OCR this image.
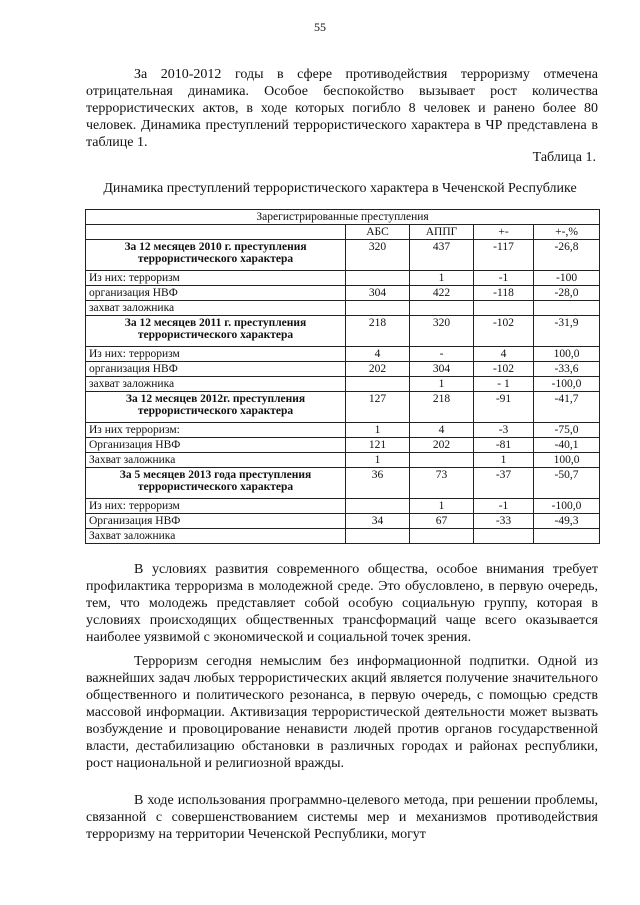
55

За 2010-2012 годы в сфере противодействия терроризму отмечена отрицательная динамика. Особое беспокойство вызывает рост количества террористических актов, в ходе которых погибло 8 человек и ранено более 80 человек. Динамика преступлений террористического характера в ЧР представлена в таблице 1.

Таблица 1.
Динамика преступлений террористического характера в Чеченской Республике
Зарегистрированные преступления				
	АБС	АППГ	+-	+-,%
За 12 месяцев 2010 г. преступления террористического характера	320	437	-117	-26,8
Из них: терроризм		1	-1	-100
организация НВФ	304	422	-118	-28,0
захват заложника				
За 12 месяцев 2011 г. преступления террористического характера	218	320	-102	-31,9
Из них: терроризм	4	-	4	100,0
организация НВФ	202	304	-102	-33,6
захват заложника		1	- 1	-100,0
За 12 месяцев 2012г. преступления террористического характера	127	218	-91	-41,7
Из них терроризм:	1	4	-3	-75,0
Организация НВФ	121	202	-81	-40,1
Захват заложника	1		1	100,0
За 5 месяцев 2013 года преступления террористического характера	36	73	-37	-50,7
Из них: терроризм		1	-1	-100,0
Организация НВФ	34	67	-33	-49,3
Захват заложника				

В условиях развития современного общества, особое внимания требует профилактика терроризма в молодежной среде. Это обусловлено, в первую очередь, тем, что молодежь представляет собой особую социальную группу, которая в условиях происходящих общественных трансформаций чаще всего оказывается наиболее уязвимой с экономической и социальной точек зрения.

Терроризм сегодня немыслим без информационной подпитки. Одной из важнейших задач любых террористических акций является получение значительного общественного и политического резонанса, в первую очередь, с помощью средств массовой информации. Активизация террористической деятельности может вызвать возбуждение и провоцирование ненависти людей против органов государственной власти, дестабилизацию обстановки в различных городах и районах республики, рост национальной и религиозной вражды.

В ходе использования программно-целевого метода, при решении проблемы, связанной с совершенствованием системы мер и механизмов противодействия терроризму на территории Чеченской Республики, могут
